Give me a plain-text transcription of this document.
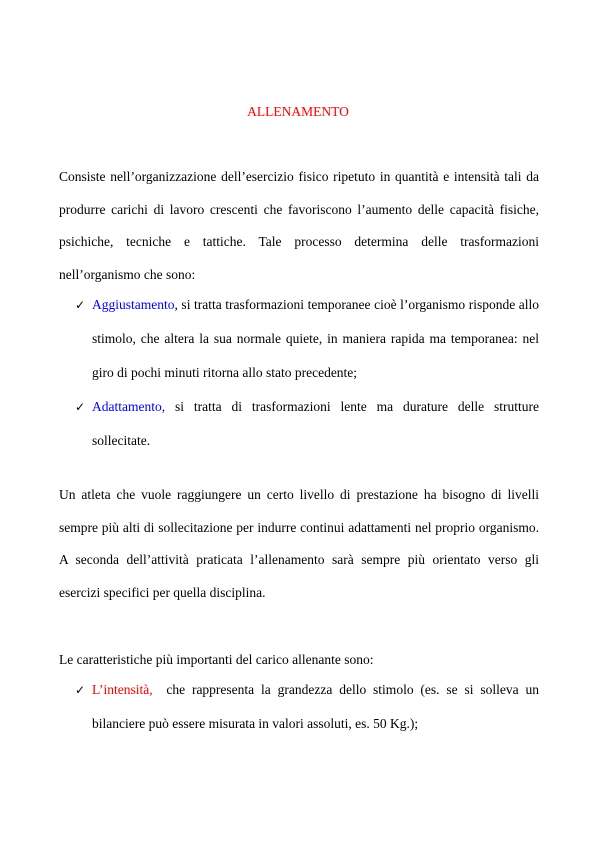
ALLENAMENTO

Consiste nell’organizzazione dell’esercizio fisico ripetuto in quantità e intensità tali da produrre carichi di lavoro crescenti che favoriscono l’aumento delle capacità fisiche, psichiche, tecniche e tattiche. Tale processo determina delle trasformazioni nell’organismo che sono:

✓ Aggiustamento, si tratta trasformazioni temporanee cioè l’organismo risponde allo stimolo, che altera la sua normale quiete, in maniera rapida ma temporanea: nel giro di pochi minuti ritorna allo stato precedente;
✓ Adattamento, si tratta di trasformazioni lente ma durature delle strutture sollecitate.

Un atleta che vuole raggiungere un certo livello di prestazione ha bisogno di livelli sempre più alti di sollecitazione per indurre continui adattamenti nel proprio organismo. A seconda dell’attività praticata l’allenamento sarà sempre più orientato verso gli esercizi specifici per quella disciplina.

Le caratteristiche più importanti del carico allenante sono:

✓ L’intensità,  che rappresenta la grandezza dello stimolo (es. se si solleva un bilanciere può essere misurata in valori assoluti, es. 50 Kg.);
